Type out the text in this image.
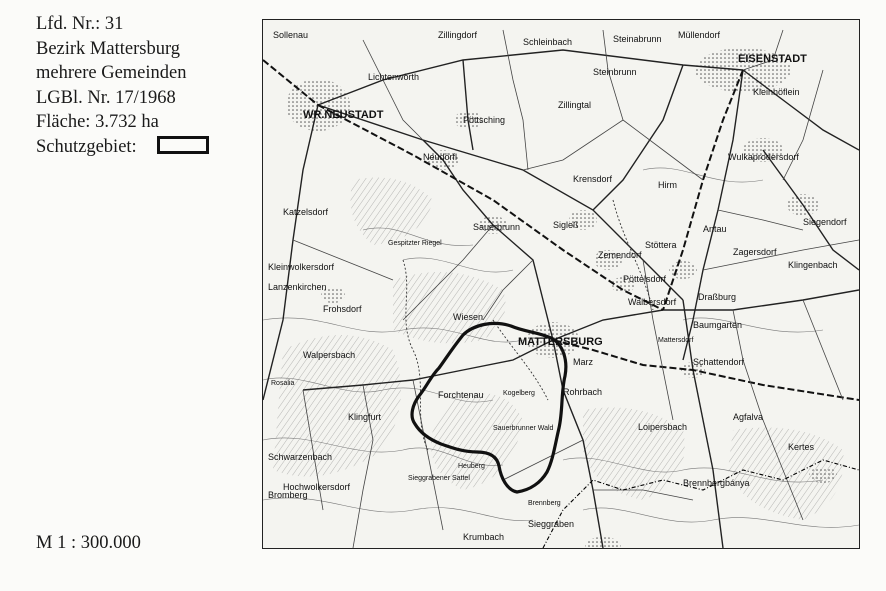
Lfd. Nr.: 31
Bezirk Mattersburg
mehrere Gemeinden
LGBl. Nr. 17/1968
Fläche: 3.732 ha
Schutzgebiet:
M 1 : 300.000
WR.NEUSTADT
EISENSTADT
MATTERSBURG
Neudörfl
Pöttsching
Zillingtal
Krensdorf
Sauerbrunn	Sigleß
Zemendorf
Stöttera
Draßburg
Baumgarten
Schattendorf
Rohrbach
Loipersbach
Agfalva
Kertes
Forchtenau
Wiesen
Sieggraben
Hochwolkersdorf
Krumbach
Brennbergbánya
Siegendorf
Klingenbach
Zagersdorf
Wulkaprodersdorf
Antau
Hirm
Pöttelsdorf
Walbersdorf
Marz
Lanzenkirchen
Katzelsdorf
Lichtenwörth
Zillingdorf
Frohsdorf
Walpersbach
Klingfurt
Bromberg
Schwarzenbach
Kleinwolkersdorf
Steinabrunn
Sollenau
Schleinbach
Müllendorf
Kleinhöflein
Steinbrunn
Gespitzter Riegel
Brennberg
Heuberg
Kogelberg
Sauerbrunner Wald
Sieggrabener Sattel
Rosalia
Mattersdorf
